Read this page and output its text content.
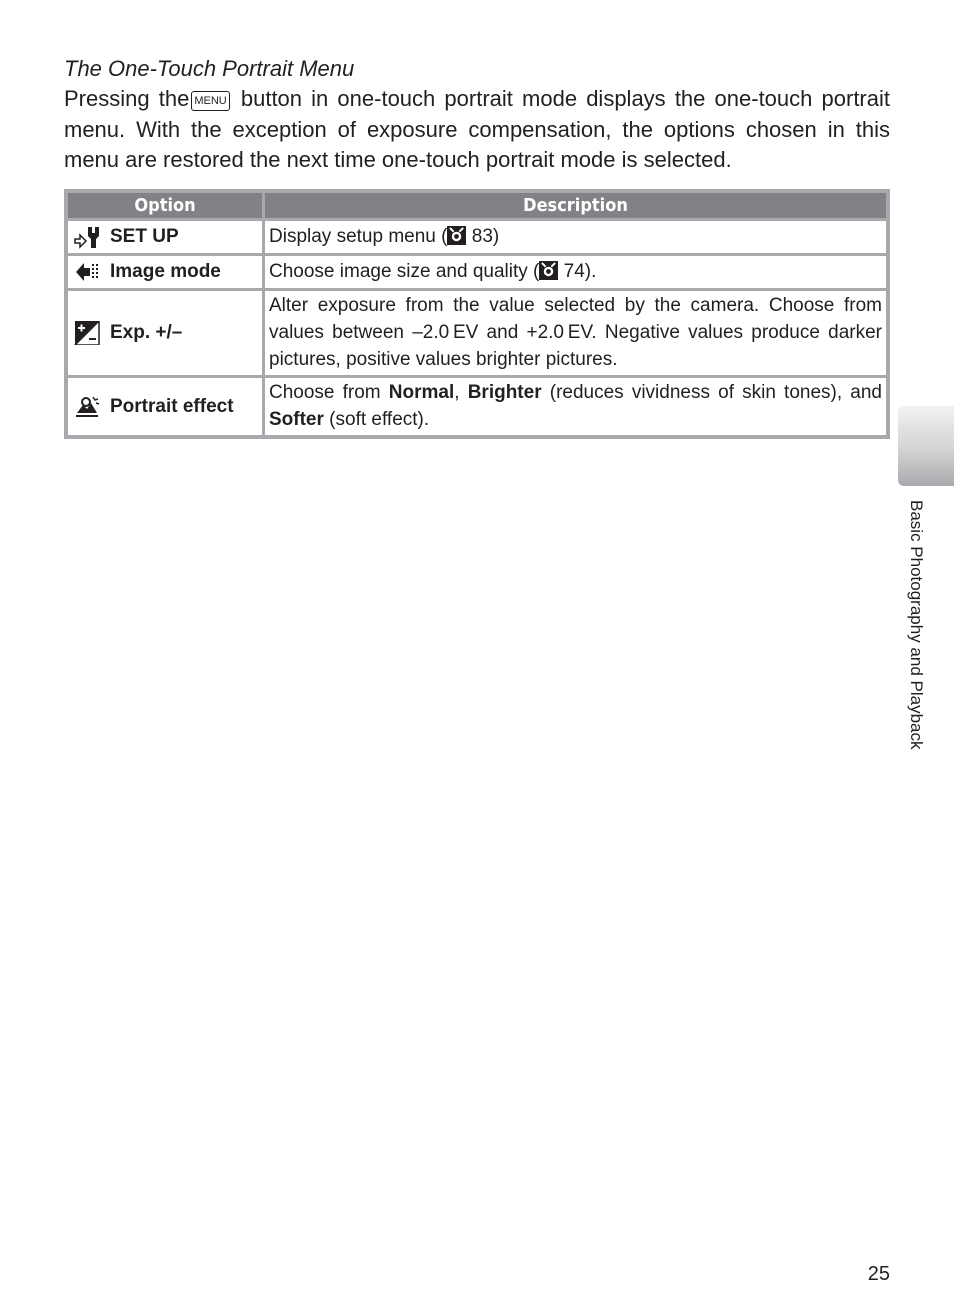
The One-Touch Portrait Menu

Pressing the MENU button in one-touch portrait mode displays the one-touch portrait menu. With the exception of exposure compensation, the options chosen in this menu are restored the next time one-touch portrait mode is selected.

Option		Description
SET UP		Display setup menu ( 83)
Image mode		Choose image size and quality ( 74).
Exp. +/–		Alter exposure from the value selected by the camera. Choose from values between –2.0 EV and +2.0 EV. Negative values produce darker pictures, positive values brighter pictures.
Portrait effect		Choose from Normal, Brighter (reduces vividness of skin tones), and Softer (soft effect).
Basic Photography and Playback
25
